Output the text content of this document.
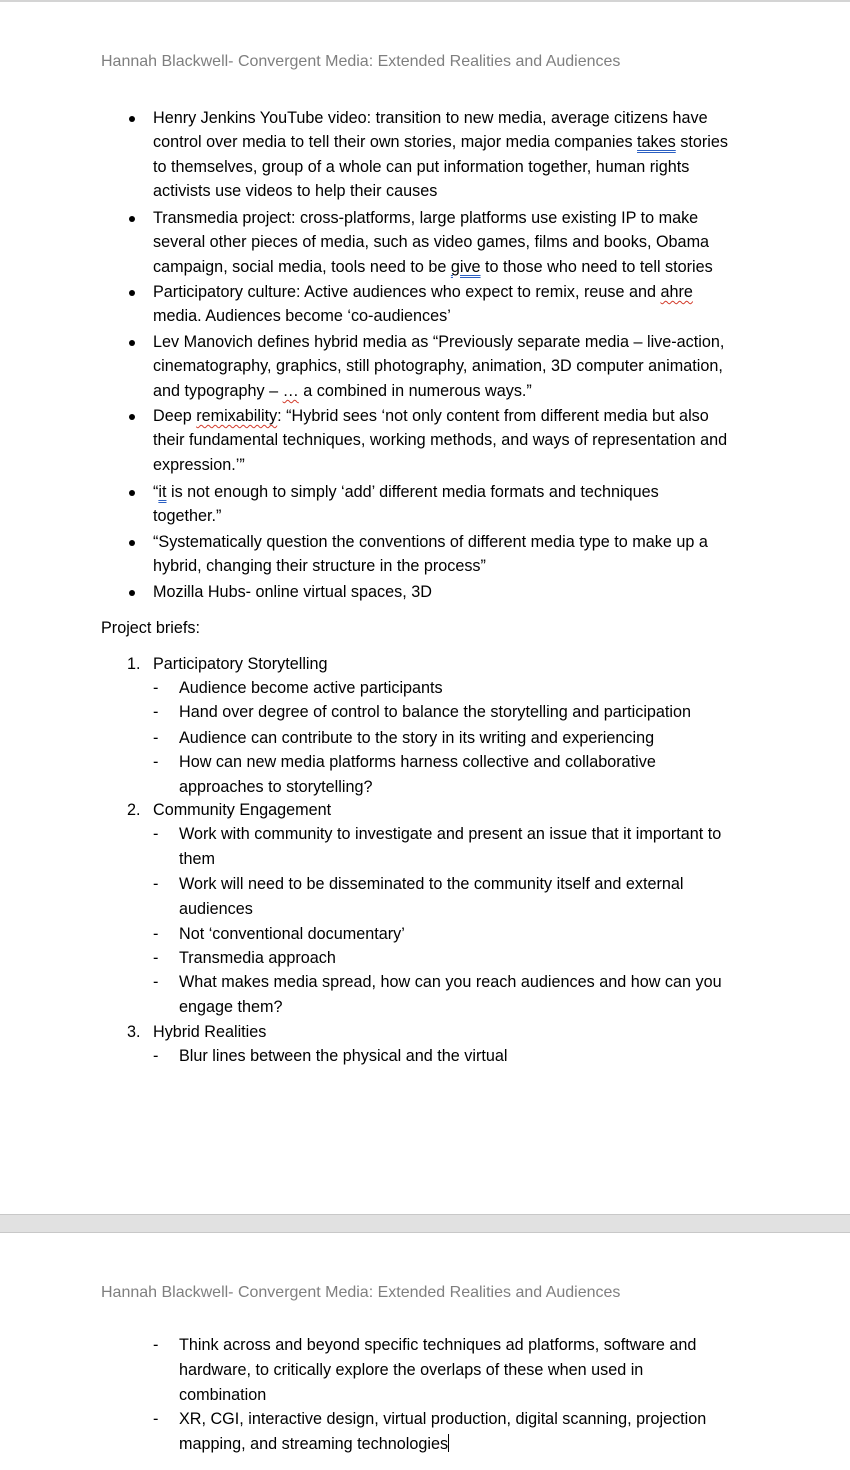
Hannah Blackwell- Convergent Media: Extended Realities and Audiences
Henry Jenkins YouTube video: transition to new media, average citizens have
control over media to tell their own stories, major media companies takes stories
to themselves, group of a whole can put information together, human rights
activists use videos to help their causes
Transmedia project: cross-platforms, large platforms use existing IP to make
several other pieces of media, such as video games, films and books, Obama
campaign, social media, tools need to be give to those who need to tell stories
Participatory culture: Active audiences who expect to remix, reuse and ahre
media. Audiences become ‘co-audiences’
Lev Manovich defines hybrid media as “Previously separate media – live-action,
cinematography, graphics, still photography, animation, 3D computer animation,
and typography – … a combined in numerous ways.”
Deep remixability: “Hybrid sees ‘not only content from different media but also
their fundamental techniques, working methods, and ways of representation and
expression.’”
“it is not enough to simply ‘add’ different media formats and techniques
together.”
“Systematically question the conventions of different media type to make up a
hybrid, changing their structure in the process”
Mozilla Hubs- online virtual spaces, 3D
Project briefs:
1. Participatory Storytelling
- Audience become active participants
- Hand over degree of control to balance the storytelling and participation
- Audience can contribute to the story in its writing and experiencing
- How can new media platforms harness collective and collaborative
approaches to storytelling?
2. Community Engagement
- Work with community to investigate and present an issue that it important to
them
- Work will need to be disseminated to the community itself and external
audiences
- Not ‘conventional documentary’
- Transmedia approach
- What makes media spread, how can you reach audiences and how can you
engage them?
3. Hybrid Realities
- Blur lines between the physical and the virtual
Hannah Blackwell- Convergent Media: Extended Realities and Audiences
- Think across and beyond specific techniques ad platforms, software and
hardware, to critically explore the overlaps of these when used in
combination
- XR, CGI, interactive design, virtual production, digital scanning, projection
mapping, and streaming technologies
